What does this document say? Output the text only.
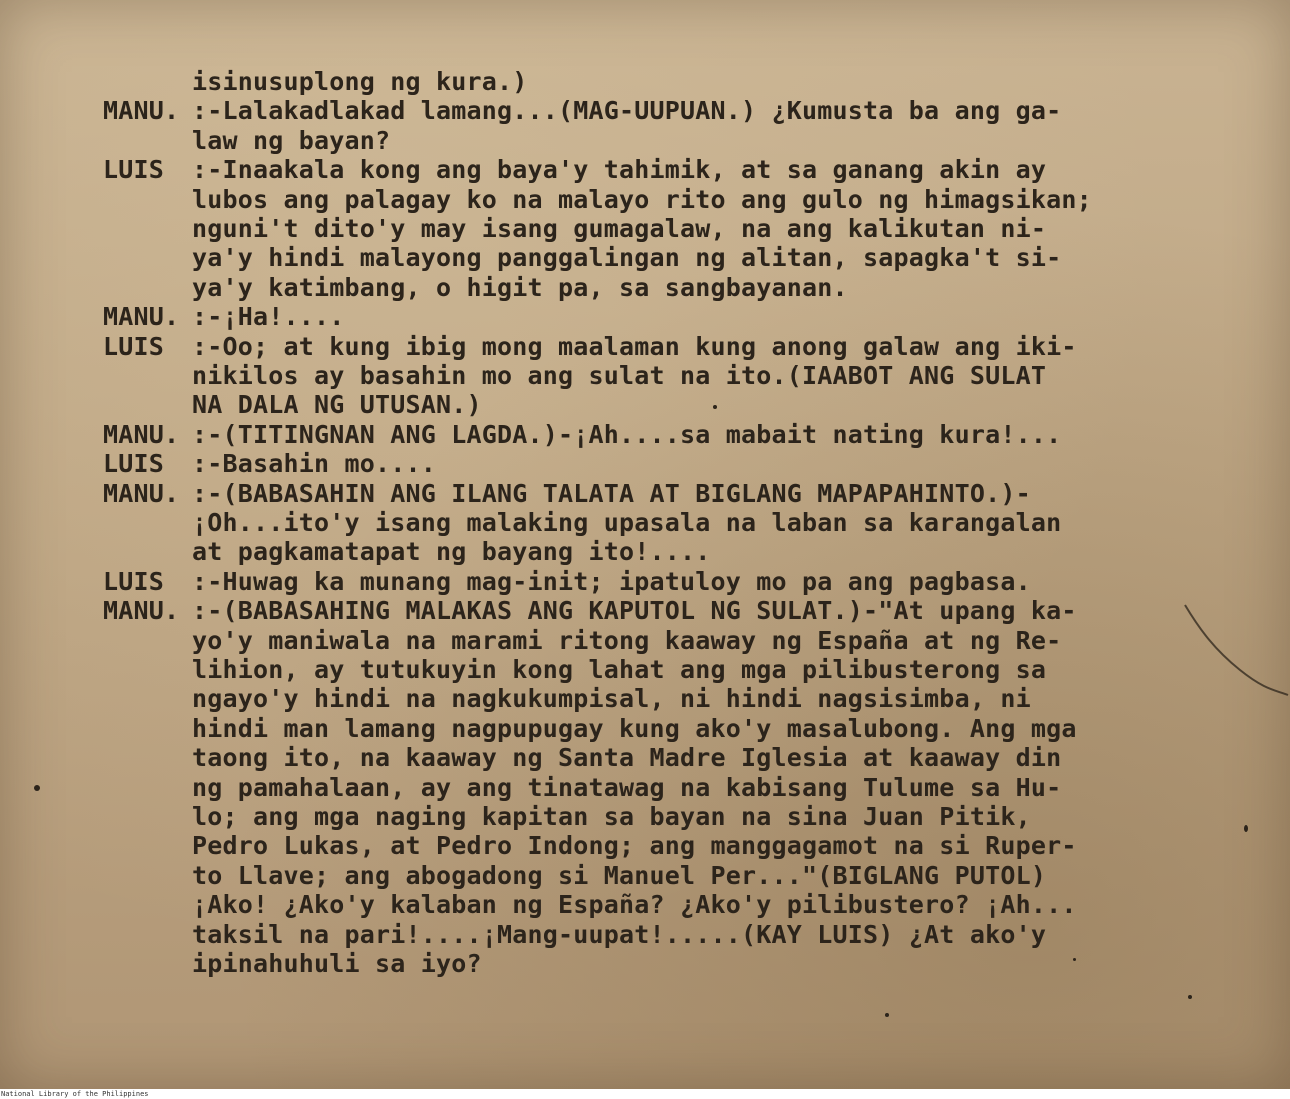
isinusuplong ng kura.)
MANU. :-Lalakadlakad lamang...(MAG-UUPUAN.) ¿Kumusta ba ang ga-
law ng bayan?
LUIS :-Inaakala kong ang baya'y tahimik, at sa ganang akin ay
lubos ang palagay ko na malayo rito ang gulo ng himagsikan;
nguni't dito'y may isang gumagalaw, na ang kalikutan ni-
ya'y hindi malayong panggalingan ng alitan, sapagka't si-
ya'y katimbang, o higit pa, sa sangbayanan.
MANU. :-¡Ha!....
LUIS :-Oo; at kung ibig mong maalaman kung anong galaw ang iki-
nikilos ay basahin mo ang sulat na ito.(IAABOT ANG SULAT
NA DALA NG UTUSAN.)
MANU. :-(TITINGNAN ANG LAGDA.)-¡Ah....sa mabait nating kura!...
LUIS :-Basahin mo....
MANU. :-(BABASAHIN ANG ILANG TALATA AT BIGLANG MAPAPAHINTO.)-
¡Oh...ito'y isang malaking upasala na laban sa karangalan
at pagkamatapat ng bayang ito!....
LUIS :-Huwag ka munang mag-init; ipatuloy mo pa ang pagbasa.
MANU. :-(BABASAHING MALAKAS ANG KAPUTOL NG SULAT.)-"At upang ka-
yo'y maniwala na marami ritong kaaway ng España at ng Re-
lihion, ay tutukuyin kong lahat ang mga pilibusterong sa
ngayo'y hindi na nagkukumpisal, ni hindi nagsisimba, ni
hindi man lamang nagpupugay kung ako'y masalubong. Ang mga
taong ito, na kaaway ng Santa Madre Iglesia at kaaway din
ng pamahalaan, ay ang tinatawag na kabisang Tulume sa Hu-
lo; ang mga naging kapitan sa bayan na sina Juan Pitik,
Pedro Lukas, at Pedro Indong; ang manggagamot na si Ruper-
to Llave; ang abogadong si Manuel Per..."(BIGLANG PUTOL)
¡Ako! ¿Ako'y kalaban ng España? ¿Ako'y pilibustero? ¡Ah...
taksil na pari!....¡Mang-uupat!.....(KAY LUIS) ¿At ako'y
ipinahuhuli sa iyo?
National Library of the Philippines
